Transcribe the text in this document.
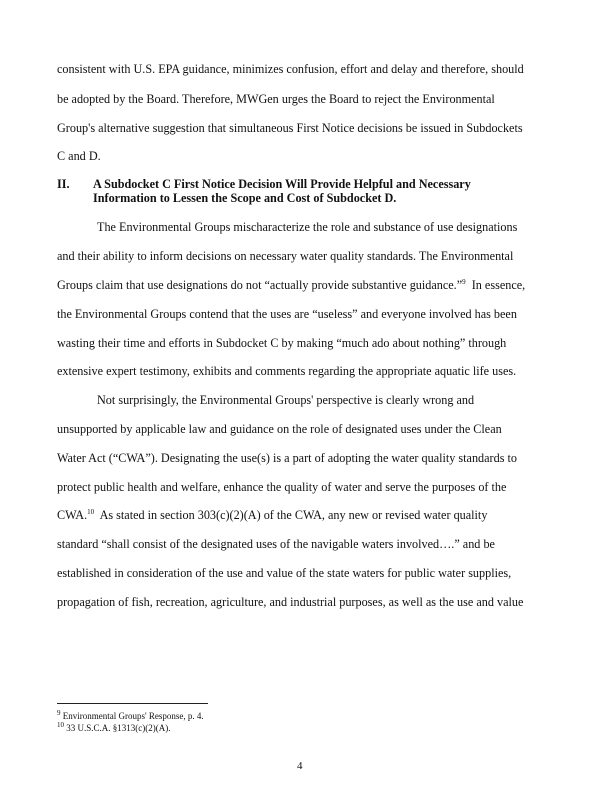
consistent with U.S. EPA guidance, minimizes confusion, effort and delay and therefore, should
be adopted by the Board. Therefore, MWGen urges the Board to reject the Environmental
Group's alternative suggestion that simultaneous First Notice decisions be issued in Subdockets
C and D.
II. A Subdocket C First Notice Decision Will Provide Helpful and Necessary
Information to Lessen the Scope and Cost of Subdocket D.
The Environmental Groups mischaracterize the role and substance of use designations
and their ability to inform decisions on necessary water quality standards. The Environmental
Groups claim that use designations do not “actually provide substantive guidance.”$^9$ In essence,
the Environmental Groups contend that the uses are “useless” and everyone involved has been
wasting their time and efforts in Subdocket C by making “much ado about nothing” through
extensive expert testimony, exhibits and comments regarding the appropriate aquatic life uses.
Not surprisingly, the Environmental Groups' perspective is clearly wrong and
unsupported by applicable law and guidance on the role of designated uses under the Clean
Water Act (“CWA”). Designating the use(s) is a part of adopting the water quality standards to
protect public health and welfare, enhance the quality of water and serve the purposes of the
CWA.$^{10}$ As stated in section 303(c)(2)(A) of the CWA, any new or revised water quality
standard “shall consist of the designated uses of the navigable waters involved….” and be
established in consideration of the use and value of the state waters for public water supplies,
propagation of fish, recreation, agriculture, and industrial purposes, as well as the use and value
$^9$ Environmental Groups' Response, p. 4.
$^{10}$ 33 U.S.C.A. §1313(c)(2)(A).
4
